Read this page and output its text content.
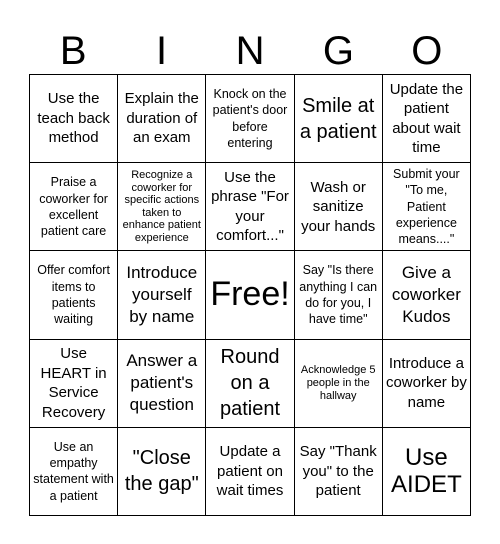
B	I	N	G	O
Use the teach back method
Explain the duration of an exam
Knock on the patient's door before entering
Smile at a patient
Update the patient about wait time
Praise a coworker for excellent patient care
Recognize a coworker for specific actions taken to enhance patient experience
Use the phrase "For your comfort..."
Wash or sanitize your hands
Submit your "To me, Patient experience means...."
Offer comfort items to patients waiting
Introduce yourself by name
Free!
Say "Is there anything I can do for you, I have time"
Give a coworker Kudos
Use HEART in Service Recovery
Answer a patient's question
Round on a patient
Acknowledge 5 people in the hallway
Introduce a coworker by name
Use an empathy statement with a patient
"Close the gap"
Update a patient on wait times
Say "Thank you" to the patient
Use AIDET
